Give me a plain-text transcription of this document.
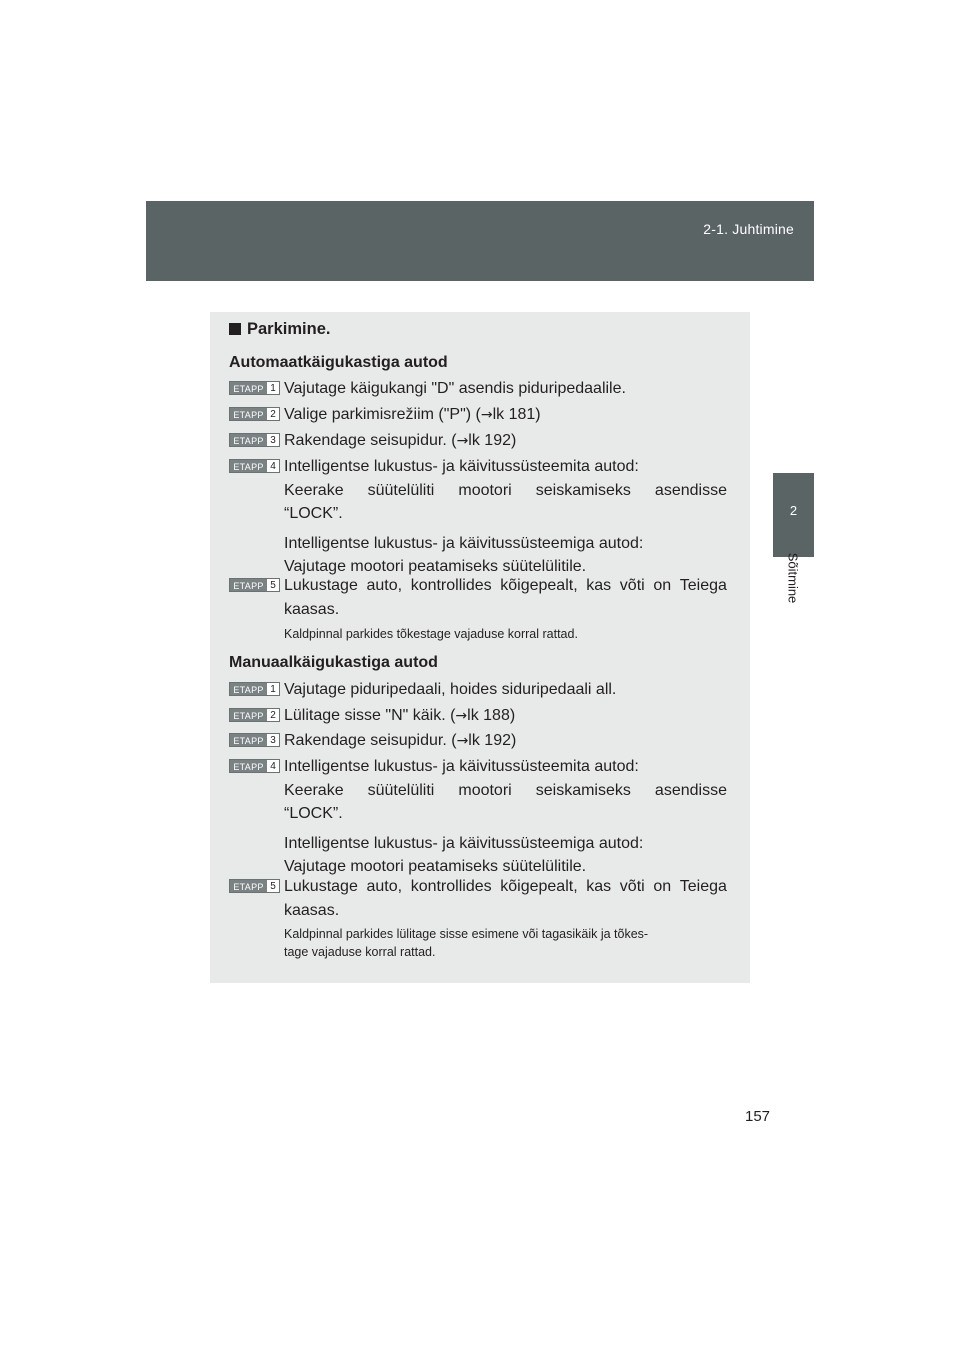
2-1. Juhtimine
2
Sõitmine
Parkimine.
Automaatkäigukastiga autod
ETAPP 1 Vajutage käigukangi "D" asendis piduripedaalile.
ETAPP 2 Valige parkimisrežiim ("P") (→lk 181)
ETAPP 3 Rakendage seisupidur. (→lk 192)
ETAPP 4 Intelligentse lukustus- ja käivitussüsteemita autod:
Keerake süütelüliti mootori seiskamiseks asendisse
“LOCK”.
Intelligentse lukustus- ja käivitussüsteemiga autod:
Vajutage mootori peatamiseks süütelülitile.
ETAPP 5 Lukustage auto, kontrollides kõigepealt, kas võti on Teiega
kaasas.
Kaldpinnal parkides tõkestage vajaduse korral rattad.
Manuaalkäigukastiga autod
ETAPP 1 Vajutage piduripedaali, hoides siduripedaali all.
ETAPP 2 Lülitage sisse "N" käik. (→lk 188)
ETAPP 3 Rakendage seisupidur. (→lk 192)
ETAPP 4 Intelligentse lukustus- ja käivitussüsteemita autod:
Keerake süütelüliti mootori seiskamiseks asendisse
“LOCK”.
Intelligentse lukustus- ja käivitussüsteemiga autod:
Vajutage mootori peatamiseks süütelülitile.
ETAPP 5 Lukustage auto, kontrollides kõigepealt, kas võti on Teiega
kaasas.
Kaldpinnal parkides lülitage sisse esimene või tagasikäik ja tõkes-
tage vajaduse korral rattad.
157
